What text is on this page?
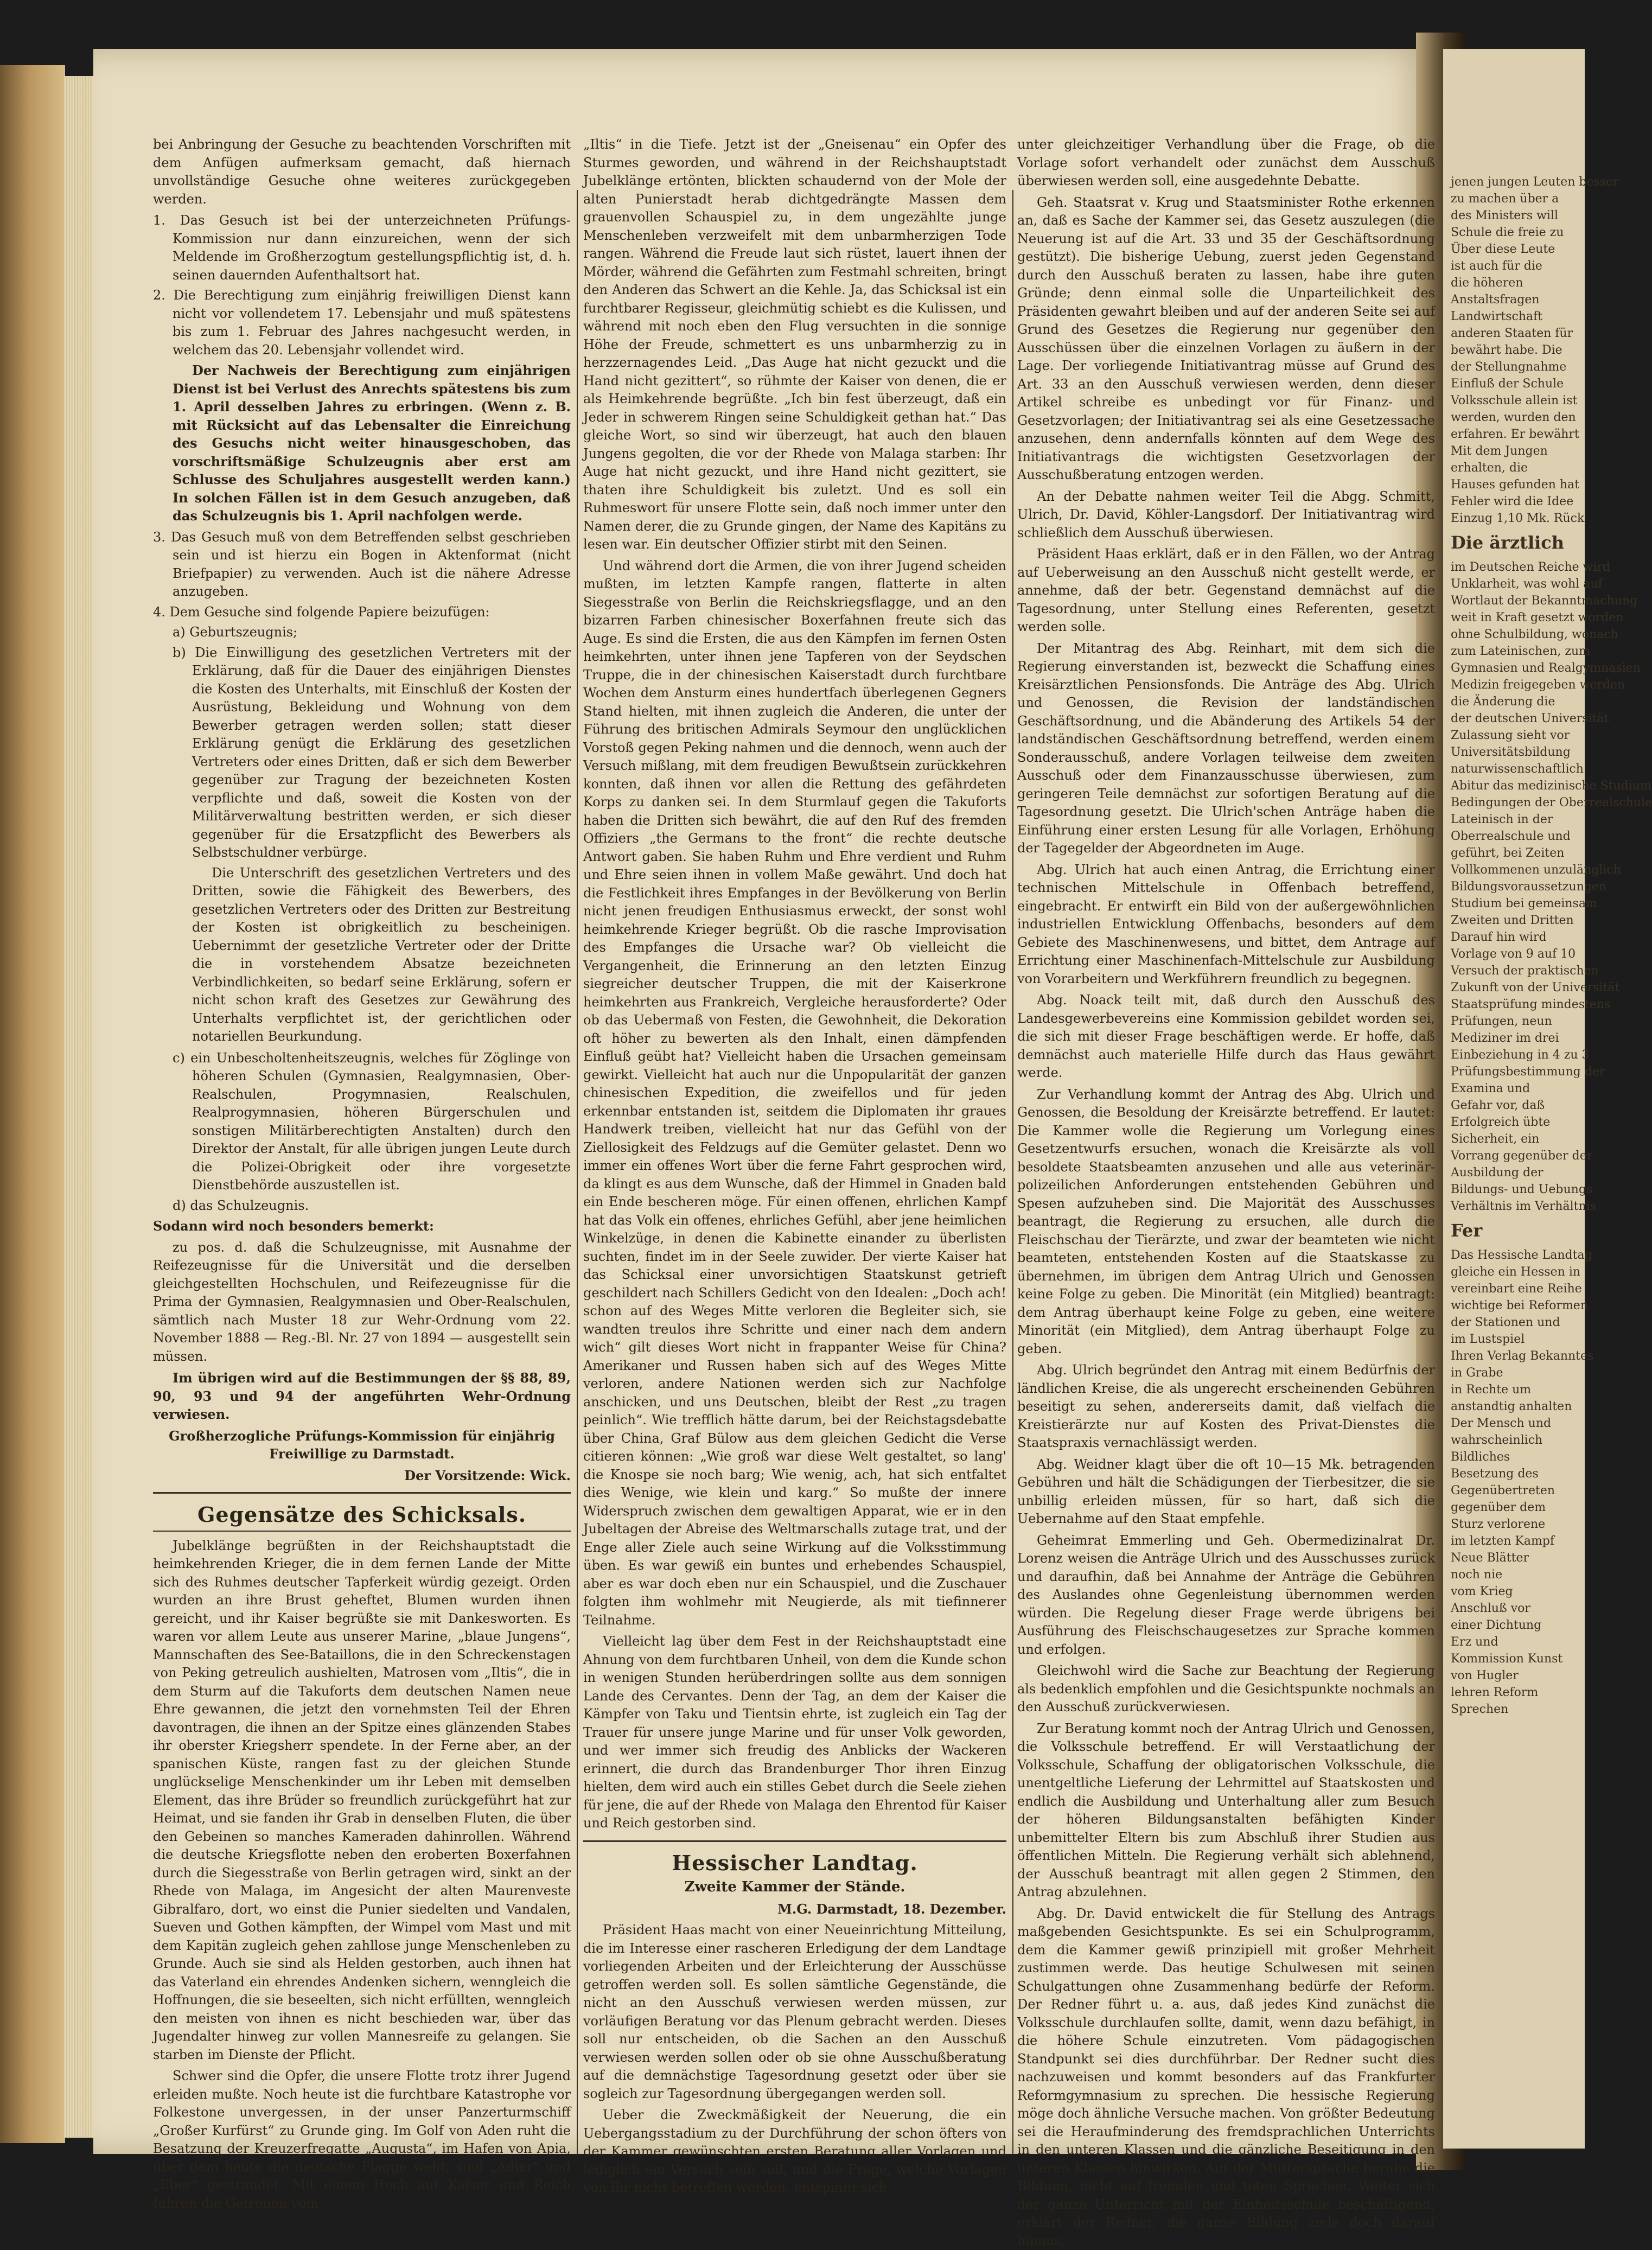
jenen jungen Leuten besser
zu machen über a
des Ministers will
Schule die freie zu
Über diese Leute
ist auch für die
die höheren
Anstaltsfragen
Landwirtschaft
anderen Staaten für
bewährt habe. Die
der Stellungnahme
Einfluß der Schule
Volksschule allein ist
werden, wurden den
erfahren. Er bewährt
Mit dem Jungen
erhalten, die
Hauses gefunden hat
Fehler wird die Idee
Einzug 1,10 Mk. Rück
Die ärztlich
im Deutschen Reiche wird
Unklarheit, was wohl auf
Wortlaut der Bekanntmachung
weit in Kraft gesetzt worden
ohne Schulbildung, wonach
zum Lateinischen, zum
Gymnasien und Realgymnasien
Medizin freigegeben werden
die Änderung die
der deutschen Universität
Zulassung sieht vor
Universitätsbildung
naturwissenschaftlich
Abitur das medizinische Studium
Bedingungen der Oberrealschule
Lateinisch in der
Oberrealschule und
geführt, bei Zeiten
Vollkommenen unzulänglich
Bildungsvoraussetzungen
Studium bei gemeinsam
Zweiten und Dritten
Darauf hin wird
Vorlage von 9 auf 10
Versuch der praktischen
Zukunft von der Universität
Staatsprüfung mindestens
Prüfungen, neun
Mediziner im drei
Einbeziehung in 4 zu 3
Prüfungsbestimmung der
Examina und
Gefahr vor, daß
Erfolgreich übte
Sicherheit, ein
Vorrang gegenüber der
Ausbildung der
Bildungs- und Uebungs
Verhältnis im Verhältnis
Fer
Das Hessische Landtag
gleiche ein Hessen in
vereinbart eine Reihe
wichtige bei Reformen
der Stationen und
im Lustspiel
Ihren Verlag Bekanntes
in Grabe
in Rechte um
anstandtig anhalten
Der Mensch und
wahrscheinlich
Bildliches
Besetzung des
Gegenübertreten
gegenüber dem
Sturz verlorene
im letzten Kampf
Neue Blätter
noch nie
vom Krieg
Anschluß vor
einer Dichtung
Erz und
Kommission Kunst
von Hugler
lehren Reform
Sprechen

bei Anbringung der Gesuche zu beachtenden Vorschriften mit dem Anfügen aufmerksam gemacht, daß hiernach unvollständige Gesuche ohne weiteres zurückgegeben werden.

1. Das Gesuch ist bei der unterzeichneten Prüfungs-Kommission nur dann einzureichen, wenn der sich Meldende im Großherzogtum gestellungspflichtig ist, d. h. seinen dauernden Aufenthaltsort hat.

2. Die Berechtigung zum einjährig freiwilligen Dienst kann nicht vor vollendetem 17. Lebensjahr und muß spätestens bis zum 1. Februar des Jahres nachgesucht werden, in welchem das 20. Lebensjahr vollendet wird.

Der Nachweis der Berechtigung zum einjährigen Dienst ist bei Verlust des Anrechts spätestens bis zum 1. April desselben Jahres zu erbringen. (Wenn z. B. mit Rücksicht auf das Lebensalter die Einreichung des Gesuchs nicht weiter hinausgeschoben, das vorschriftsmäßige Schulzeugnis aber erst am Schlusse des Schuljahres ausgestellt werden kann.) In solchen Fällen ist in dem Gesuch anzugeben, daß das Schulzeugnis bis 1. April nachfolgen werde.

3. Das Gesuch muß von dem Betreffenden selbst geschrieben sein und ist hierzu ein Bogen in Aktenformat (nicht Briefpapier) zu verwenden. Auch ist die nähere Adresse anzugeben.

4. Dem Gesuche sind folgende Papiere beizufügen:

a) Geburtszeugnis;

b) Die Einwilligung des gesetzlichen Vertreters mit der Erklärung, daß für die Dauer des einjährigen Dienstes die Kosten des Unterhalts, mit Einschluß der Kosten der Ausrüstung, Bekleidung und Wohnung von dem Bewerber getragen werden sollen; statt dieser Erklärung genügt die Erklärung des gesetzlichen Vertreters oder eines Dritten, daß er sich dem Bewerber gegenüber zur Tragung der bezeichneten Kosten verpflichte und daß, soweit die Kosten von der Militärverwaltung bestritten werden, er sich dieser gegenüber für die Ersatzpflicht des Bewerbers als Selbstschuldner verbürge.

Die Unterschrift des gesetzlichen Vertreters und des Dritten, sowie die Fähigkeit des Bewerbers, des gesetzlichen Vertreters oder des Dritten zur Bestreitung der Kosten ist obrigkeitlich zu bescheinigen. Uebernimmt der gesetzliche Vertreter oder der Dritte die in vorstehendem Absatze bezeichneten Verbindlichkeiten, so bedarf seine Erklärung, sofern er nicht schon kraft des Gesetzes zur Gewährung des Unterhalts verpflichtet ist, der gerichtlichen oder notariellen Beurkundung.

c) ein Unbescholtenheitszeugnis, welches für Zöglinge von höheren Schulen (Gymnasien, Realgymnasien, Ober-Realschulen, Progymnasien, Realschulen, Realprogymnasien, höheren Bürgerschulen und sonstigen Militärberechtigten Anstalten) durch den Direktor der Anstalt, für alle übrigen jungen Leute durch die Polizei-Obrigkeit oder ihre vorgesetzte Dienstbehörde auszustellen ist.

d) das Schulzeugnis.

Sodann wird noch besonders bemerkt:

zu pos. d. daß die Schulzeugnisse, mit Ausnahme der Reifezeugnisse für die Universität und die derselben gleichgestellten Hochschulen, und Reifezeugnisse für die Prima der Gymnasien, Realgymnasien und Ober-Realschulen, sämtlich nach Muster 18 zur Wehr-Ordnung vom 22. November 1888 — Reg.-Bl. Nr. 27 von 1894 — ausgestellt sein müssen.

Im übrigen wird auf die Bestimmungen der §§ 88, 89, 90, 93 und 94 der angeführten Wehr-Ordnung verwiesen.

Großherzogliche Prüfungs-Kommission für einjährig Freiwillige zu Darmstadt.

Der Vorsitzende: Wick.

Gegensätze des Schicksals.

Jubelklänge begrüßten in der Reichshauptstadt die heimkehrenden Krieger, die in dem fernen Lande der Mitte sich des Ruhmes deutscher Tapferkeit würdig gezeigt. Orden wurden an ihre Brust geheftet, Blumen wurden ihnen gereicht, und ihr Kaiser begrüßte sie mit Dankesworten. Es waren vor allem Leute aus unserer Marine, „blaue Jungens“, Mannschaften des See-Bataillons, die in den Schreckenstagen von Peking getreulich aushielten, Matrosen vom „Iltis“, die in dem Sturm auf die Takuforts dem deutschen Namen neue Ehre gewannen, die jetzt den vornehmsten Teil der Ehren davontragen, die ihnen an der Spitze eines glänzenden Stabes ihr oberster Kriegsherr spendete. In der Ferne aber, an der spanischen Küste, rangen fast zu der gleichen Stunde unglückselige Menschenkinder um ihr Leben mit demselben Element, das ihre Brüder so freundlich zurückgeführt hat zur Heimat, und sie fanden ihr Grab in denselben Fluten, die über den Gebeinen so manches Kameraden dahinrollen. Während die deutsche Kriegsflotte neben den eroberten Boxerfahnen durch die Siegesstraße von Berlin getragen wird, sinkt an der Rhede von Malaga, im Angesicht der alten Maurenveste Gibralfaro, dort, wo einst die Punier siedelten und Vandalen, Sueven und Gothen kämpften, der Wimpel vom Mast und mit dem Kapitän zugleich gehen zahllose junge Menschenleben zu Grunde. Auch sie sind als Helden gestorben, auch ihnen hat das Vaterland ein ehrendes Andenken sichern, wenngleich die Hoffnungen, die sie beseelten, sich nicht erfüllten, wenngleich den meisten von ihnen es nicht beschieden war, über das Jugendalter hinweg zur vollen Mannesreife zu gelangen. Sie starben im Dienste der Pflicht.

Schwer sind die Opfer, die unsere Flotte trotz ihrer Jugend erleiden mußte. Noch heute ist die furchtbare Katastrophe vor Folkestone unvergessen, in der unser Panzerturmschiff „Großer Kurfürst“ zu Grunde ging. Im Golf von Aden ruht die Besatzung der Kreuzerfregatte „Augusta“, im Hafen von Apia, über dem heute die deutsche Flagge weht, sind „Adler“ und „Eber“ gestrandet. Mit einem Hoch auf Kaiser und Reich fuhren die Getreuen vom

„Iltis“ in die Tiefe. Jetzt ist der „Gneisenau“ ein Opfer des Sturmes geworden, und während in der Reichshauptstadt Jubelklänge ertönten, blickten schaudernd von der Mole der alten Punierstadt herab dichtgedrängte Massen dem grauenvollen Schauspiel zu, in dem ungezählte junge Menschenleben verzweifelt mit dem unbarmherzigen Tode rangen. Während die Freude laut sich rüstet, lauert ihnen der Mörder, während die Gefährten zum Festmahl schreiten, bringt den Anderen das Schwert an die Kehle. Ja, das Schicksal ist ein furchtbarer Regisseur, gleichmütig schiebt es die Kulissen, und während mit noch eben den Flug versuchten in die sonnige Höhe der Freude, schmettert es uns unbarmherzig zu in herzzernagendes Leid. „Das Auge hat nicht gezuckt und die Hand nicht gezittert“, so rühmte der Kaiser von denen, die er als Heimkehrende begrüßte. „Ich bin fest überzeugt, daß ein Jeder in schwerem Ringen seine Schuldigkeit gethan hat.“ Das gleiche Wort, so sind wir überzeugt, hat auch den blauen Jungens gegolten, die vor der Rhede von Malaga starben: Ihr Auge hat nicht gezuckt, und ihre Hand nicht gezittert, sie thaten ihre Schuldigkeit bis zuletzt. Und es soll ein Ruhmeswort für unsere Flotte sein, daß noch immer unter den Namen derer, die zu Grunde gingen, der Name des Kapitäns zu lesen war. Ein deutscher Offizier stirbt mit den Seinen.

Und während dort die Armen, die von ihrer Jugend scheiden mußten, im letzten Kampfe rangen, flatterte in alten Siegesstraße von Berlin die Reichskriegsflagge, und an den bizarren Farben chinesischer Boxerfahnen freute sich das Auge. Es sind die Ersten, die aus den Kämpfen im fernen Osten heimkehrten, unter ihnen jene Tapferen von der Seydschen Truppe, die in der chinesischen Kaiserstadt durch furchtbare Wochen dem Ansturm eines hundertfach überlegenen Gegners Stand hielten, mit ihnen zugleich die Anderen, die unter der Führung des britischen Admirals Seymour den unglücklichen Vorstoß gegen Peking nahmen und die dennoch, wenn auch der Versuch mißlang, mit dem freudigen Bewußtsein zurückkehren konnten, daß ihnen vor allen die Rettung des gefährdeten Korps zu danken sei. In dem Sturmlauf gegen die Takuforts haben die Dritten sich bewährt, die auf den Ruf des fremden Offiziers „the Germans to the front“ die rechte deutsche Antwort gaben. Sie haben Ruhm und Ehre verdient und Ruhm und Ehre seien ihnen in vollem Maße gewährt. Und doch hat die Festlichkeit ihres Empfanges in der Bevölkerung von Berlin nicht jenen freudigen Enthusiasmus erweckt, der sonst wohl heimkehrende Krieger begrüßt. Ob die rasche Improvisation des Empfanges die Ursache war? Ob vielleicht die Vergangenheit, die Erinnerung an den letzten Einzug siegreicher deutscher Truppen, die mit der Kaiserkrone heimkehrten aus Frankreich, Vergleiche herausforderte? Oder ob das Uebermaß von Festen, die Gewohnheit, die Dekoration oft höher zu bewerten als den Inhalt, einen dämpfenden Einfluß geübt hat? Vielleicht haben die Ursachen gemeinsam gewirkt. Vielleicht hat auch nur die Unpopularität der ganzen chinesischen Expedition, die zweifellos und für jeden erkennbar entstanden ist, seitdem die Diplomaten ihr graues Handwerk treiben, vielleicht hat nur das Gefühl von der Ziellosigkeit des Feldzugs auf die Gemüter gelastet. Denn wo immer ein offenes Wort über die ferne Fahrt gesprochen wird, da klingt es aus dem Wunsche, daß der Himmel in Gnaden bald ein Ende bescheren möge. Für einen offenen, ehrlichen Kampf hat das Volk ein offenes, ehrliches Gefühl, aber jene heimlichen Winkelzüge, in denen die Kabinette einander zu überlisten suchten, findet im in der Seele zuwider. Der vierte Kaiser hat das Schicksal einer unvorsichtigen Staatskunst getrieft geschildert nach Schillers Gedicht von den Idealen: „Doch ach! schon auf des Weges Mitte verloren die Begleiter sich, sie wandten treulos ihre Schritte und einer nach dem andern wich“ gilt dieses Wort nicht in frappanter Weise für China? Amerikaner und Russen haben sich auf des Weges Mitte verloren, andere Nationen werden sich zur Nachfolge anschicken, und uns Deutschen, bleibt der Rest „zu tragen peinlich“. Wie trefflich hätte darum, bei der Reichstagsdebatte über China, Graf Bülow aus dem gleichen Gedicht die Verse citieren können: „Wie groß war diese Welt gestaltet, so lang' die Knospe sie noch barg; Wie wenig, ach, hat sich entfaltet dies Wenige, wie klein und karg.“ So mußte der innere Widerspruch zwischen dem gewaltigen Apparat, wie er in den Jubeltagen der Abreise des Weltmarschalls zutage trat, und der Enge aller Ziele auch seine Wirkung auf die Volksstimmung üben. Es war gewiß ein buntes und erhebendes Schauspiel, aber es war doch eben nur ein Schauspiel, und die Zuschauer folgten ihm wohlmehr mit Neugierde, als mit tiefinnerer Teilnahme.

Vielleicht lag über dem Fest in der Reichshauptstadt eine Ahnung von dem furchtbaren Unheil, von dem die Kunde schon in wenigen Stunden herüberdringen sollte aus dem sonnigen Lande des Cervantes. Denn der Tag, an dem der Kaiser die Kämpfer von Taku und Tientsin ehrte, ist zugleich ein Tag der Trauer für unsere junge Marine und für unser Volk geworden, und wer immer sich freudig des Anblicks der Wackeren erinnert, die durch das Brandenburger Thor ihren Einzug hielten, dem wird auch ein stilles Gebet durch die Seele ziehen für jene, die auf der Rhede von Malaga den Ehrentod für Kaiser und Reich gestorben sind.

Hessischer Landtag.
Zweite Kammer der Stände.
M.G. Darmstadt, 18. Dezember.

Präsident Haas macht von einer Neueinrichtung Mitteilung, die im Interesse einer rascheren Erledigung der dem Landtage vorliegenden Arbeiten und der Erleichterung der Ausschüsse getroffen werden soll. Es sollen sämtliche Gegenstände, die nicht an den Ausschuß verwiesen werden müssen, zur vorläufigen Beratung vor das Plenum gebracht werden. Dieses soll nur entscheiden, ob die Sachen an den Ausschuß verwiesen werden sollen oder ob sie ohne Ausschußberatung auf die demnächstige Tagesordnung gesetzt oder über sie sogleich zur Tagesordnung übergegangen werden soll.

Ueber die Zweckmäßigkeit der Neuerung, die ein Uebergangsstadium zu der Durchführung der schon öfters von der Kammer gewünschten ersten Beratung aller Vorlagen und lediglich ein Versuch sein soll, und die Frage, welche Vorlagen von ihr nicht betroffen werden, entspinnt sich,

unter gleichzeitiger Verhandlung über die Frage, ob die Vorlage sofort verhandelt oder zunächst dem Ausschuß überwiesen werden soll, eine ausgedehnte Debatte.

Geh. Staatsrat v. Krug und Staatsminister Rothe erkennen an, daß es Sache der Kammer sei, das Gesetz auszulegen (die Neuerung ist auf die Art. 33 und 35 der Geschäftsordnung gestützt). Die bisherige Uebung, zuerst jeden Gegenstand durch den Ausschuß beraten zu lassen, habe ihre guten Gründe; denn einmal solle die Unparteilichkeit des Präsidenten gewahrt bleiben und auf der anderen Seite sei auf Grund des Gesetzes die Regierung nur gegenüber den Ausschüssen über die einzelnen Vorlagen zu äußern in der Lage. Der vorliegende Initiativantrag müsse auf Grund des Art. 33 an den Ausschuß verwiesen werden, denn dieser Artikel schreibe es unbedingt vor für Finanz- und Gesetzvorlagen; der Initiativantrag sei als eine Gesetzessache anzusehen, denn andernfalls könnten auf dem Wege des Initiativantrags die wichtigsten Gesetzvorlagen der Ausschußberatung entzogen werden.

An der Debatte nahmen weiter Teil die Abgg. Schmitt, Ulrich, Dr. David, Köhler-Langsdorf. Der Initiativantrag wird schließlich dem Ausschuß überwiesen.

Präsident Haas erklärt, daß er in den Fällen, wo der Antrag auf Ueberweisung an den Ausschuß nicht gestellt werde, er annehme, daß der betr. Gegenstand demnächst auf die Tagesordnung, unter Stellung eines Referenten, gesetzt werden solle.

Der Mitantrag des Abg. Reinhart, mit dem sich die Regierung einverstanden ist, bezweckt die Schaffung eines Kreisärztlichen Pensionsfonds. Die Anträge des Abg. Ulrich und Genossen, die Revision der landständischen Geschäftsordnung, und die Abänderung des Artikels 54 der landständischen Geschäftsordnung betreffend, werden einem Sonderausschuß, andere Vorlagen teilweise dem zweiten Ausschuß oder dem Finanzausschusse überwiesen, zum geringeren Teile demnächst zur sofortigen Beratung auf die Tagesordnung gesetzt. Die Ulrich'schen Anträge haben die Einführung einer ersten Lesung für alle Vorlagen, Erhöhung der Tagegelder der Abgeordneten im Auge.

Abg. Ulrich hat auch einen Antrag, die Errichtung einer technischen Mittelschule in Offenbach betreffend, eingebracht. Er entwirft ein Bild von der außergewöhnlichen industriellen Entwicklung Offenbachs, besonders auf dem Gebiete des Maschinenwesens, und bittet, dem Antrage auf Errichtung einer Maschinenfach-Mittelschule zur Ausbildung von Vorarbeitern und Werkführern freundlich zu begegnen.

Abg. Noack teilt mit, daß durch den Ausschuß des Landesgewerbevereins eine Kommission gebildet worden sei, die sich mit dieser Frage beschäftigen werde. Er hoffe, daß demnächst auch materielle Hilfe durch das Haus gewährt werde.

Zur Verhandlung kommt der Antrag des Abg. Ulrich und Genossen, die Besoldung der Kreisärzte betreffend. Er lautet: Die Kammer wolle die Regierung um Vorlegung eines Gesetzentwurfs ersuchen, wonach die Kreisärzte als voll besoldete Staatsbeamten anzusehen und alle aus veterinär-polizeilichen Anforderungen entstehenden Gebühren und Spesen aufzuheben sind. Die Majorität des Ausschusses beantragt, die Regierung zu ersuchen, alle durch die Fleischschau der Tierärzte, und zwar der beamteten wie nicht beamteten, entstehenden Kosten auf die Staatskasse zu übernehmen, im übrigen dem Antrag Ulrich und Genossen keine Folge zu geben. Die Minorität (ein Mitglied) beantragt: dem Antrag überhaupt keine Folge zu geben, eine weitere Minorität (ein Mitglied), dem Antrag überhaupt Folge zu geben.

Abg. Ulrich begründet den Antrag mit einem Bedürfnis der ländlichen Kreise, die als ungerecht erscheinenden Gebühren beseitigt zu sehen, andererseits damit, daß vielfach die Kreistierärzte nur auf Kosten des Privat-Dienstes die Staatspraxis vernachlässigt werden.

Abg. Weidner klagt über die oft 10—15 Mk. betragenden Gebühren und hält die Schädigungen der Tierbesitzer, die sie unbillig erleiden müssen, für so hart, daß sich die Uebernahme auf den Staat empfehle.

Geheimrat Emmerling und Geh. Obermedizinalrat Dr. Lorenz weisen die Anträge Ulrich und des Ausschusses zurück und daraufhin, daß bei Annahme der Anträge die Gebühren des Auslandes ohne Gegenleistung übernommen werden würden. Die Regelung dieser Frage werde übrigens bei Ausführung des Fleischschaugesetzes zur Sprache kommen und erfolgen.

Gleichwohl wird die Sache zur Beachtung der Regierung als bedenklich empfohlen und die Gesichtspunkte nochmals an den Ausschuß zurückverwiesen.

Zur Beratung kommt noch der Antrag Ulrich und Genossen, die Volksschule betreffend. Er will Verstaatlichung der Volksschule, Schaffung der obligatorischen Volksschule, die unentgeltliche Lieferung der Lehrmittel auf Staatskosten und endlich die Ausbildung und Unterhaltung aller zum Besuch der höheren Bildungsanstalten befähigten Kinder unbemittelter Eltern bis zum Abschluß ihrer Studien aus öffentlichen Mitteln. Die Regierung verhält sich ablehnend, der Ausschuß beantragt mit allen gegen 2 Stimmen, den Antrag abzulehnen.

Abg. Dr. David entwickelt die für Stellung des Antrags maßgebenden Gesichtspunkte. Es sei ein Schulprogramm, dem die Kammer gewiß prinzipiell mit großer Mehrheit zustimmen werde. Das heutige Schulwesen mit seinen Schulgattungen ohne Zusammenhang bedürfe der Reform. Der Redner führt u. a. aus, daß jedes Kind zunächst die Volksschule durchlaufen sollte, damit, wenn dazu befähigt, in die höhere Schule einzutreten. Vom pädagogischen Standpunkt sei dies durchführbar. Der Redner sucht dies nachzuweisen und kommt besonders auf das Frankfurter Reformgymnasium zu sprechen. Die hessische Regierung möge doch ähnliche Versuche machen. Von größter Bedeutung sei die Heraufminderung des fremdsprachlichen Unterrichts in den unteren Klassen und die gänzliche Beseitigung in den unteren Klassen hinwirken. Auf der Muttersprache beruhe die Bildung, nicht auf fremden und toten Sprachen. Weiter sich der ganze Unterricht mit der Einheitsschule beschäftigend, erklärt der Redner, die ganze Bildung ziele doch darauf hinaus,
